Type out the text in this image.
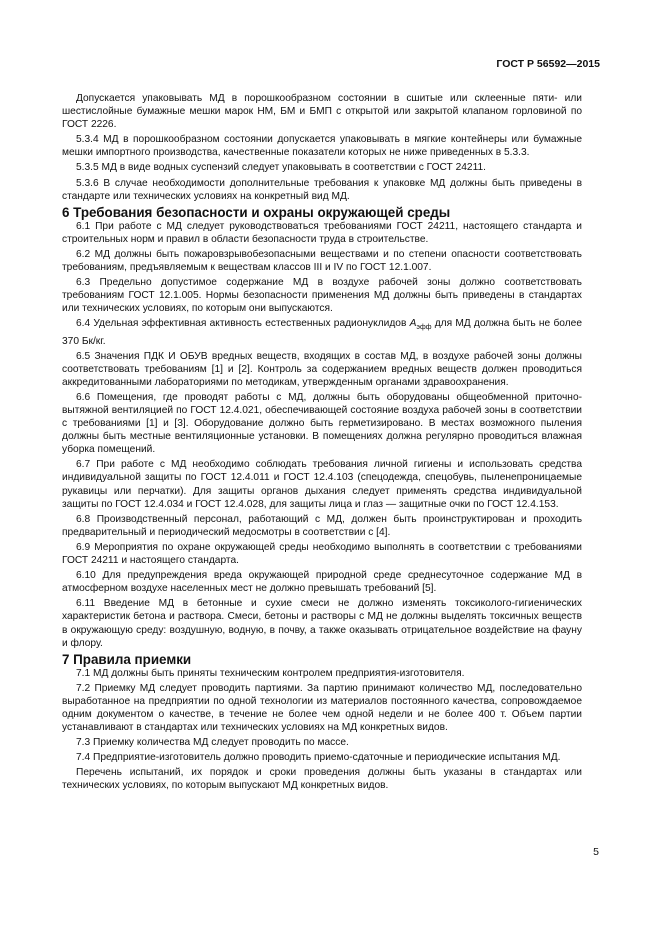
ГОСТ Р 56592—2015

Допускается упаковывать МД в порошкообразном состоянии в сшитые или склеенные пяти- или шестислойные бумажные мешки марок НМ, БМ и БМП с открытой или закрытой клапаном горловиной по ГОСТ 2226.

5.3.4 МД в порошкообразном состоянии допускается упаковывать в мягкие контейнеры или бумажные мешки импортного производства, качественные показатели которых не ниже приведенных в 5.3.3.

5.3.5 МД в виде водных суспензий следует упаковывать в соответствии с ГОСТ 24211.

5.3.6 В случае необходимости дополнительные требования к упаковке МД должны быть приведены в стандарте или технических условиях на конкретный вид МД.

6 Требования безопасности и охраны окружающей среды

6.1 При работе с МД следует руководствоваться требованиями ГОСТ 24211, настоящего стандарта и строительных норм и правил в области безопасности труда в строительстве.

6.2 МД должны быть пожаровзрывобезопасными веществами и по степени опасности соответствовать требованиям, предъявляемым к веществам классов III и IV по ГОСТ 12.1.007.

6.3 Предельно допустимое содержание МД в воздухе рабочей зоны должно соответствовать требованиям ГОСТ 12.1.005. Нормы безопасности применения МД должны быть приведены в стандартах или технических условиях, по которым они выпускаются.

6.4 Удельная эффективная активность естественных радионуклидов $A_{эфф}$ для МД должна быть не более 370 Бк/кг.

6.5 Значения ПДК И ОБУВ вредных веществ, входящих в состав МД, в воздухе рабочей зоны должны соответствовать требованиям [1] и [2]. Контроль за содержанием вредных веществ должен проводиться аккредитованными лабораториями по методикам, утвержденным органами здравоохранения.

6.6 Помещения, где проводят работы с МД, должны быть оборудованы общеобменной приточно-вытяжной вентиляцией по ГОСТ 12.4.021, обеспечивающей состояние воздуха рабочей зоны в соответствии с требованиями [1] и [3]. Оборудование должно быть герметизировано. В местах возможного пыления должны быть местные вентиляционные установки. В помещениях должна регулярно проводиться влажная уборка помещений.

6.7 При работе с МД необходимо соблюдать требования личной гигиены и использовать средства индивидуальной защиты по ГОСТ 12.4.011 и ГОСТ 12.4.103 (спецодежда, спецобувь, пыленепроницаемые рукавицы или перчатки). Для защиты органов дыхания следует применять средства индивидуальной защиты по ГОСТ 12.4.034 и ГОСТ 12.4.028, для защиты лица и глаз — защитные очки по ГОСТ 12.4.153.

6.8 Производственный персонал, работающий с МД, должен быть проинструктирован и проходить предварительный и периодический медосмотры в соответствии с [4].

6.9 Мероприятия по охране окружающей среды необходимо выполнять в соответствии с требованиями ГОСТ 24211 и настоящего стандарта.

6.10 Для предупреждения вреда окружающей природной среде среднесуточное содержание МД в атмосферном воздухе населенных мест не должно превышать требований [5].

6.11 Введение МД в бетонные и сухие смеси не должно изменять токсиколого-гигиенических характеристик бетона и раствора. Смеси, бетоны и растворы с МД не должны выделять токсичных веществ в окружающую среду: воздушную, водную, в почву, а также оказывать отрицательное воздействие на фауну и флору.

7 Правила приемки

7.1 МД должны быть приняты техническим контролем предприятия-изготовителя.

7.2 Приемку МД следует проводить партиями. За партию принимают количество МД, последовательно выработанное на предприятии по одной технологии из материалов постоянного качества, сопровождаемое одним документом о качестве, в течение не более чем одной недели и не более 400 т. Объем партии устанавливают в стандартах или технических условиях на МД конкретных видов.

7.3 Приемку количества МД следует проводить по массе.

7.4 Предприятие-изготовитель должно проводить приемо-сдаточные и периодические испытания МД.

Перечень испытаний, их порядок и сроки проведения должны быть указаны в стандартах или технических условиях, по которым выпускают МД конкретных видов.

5
